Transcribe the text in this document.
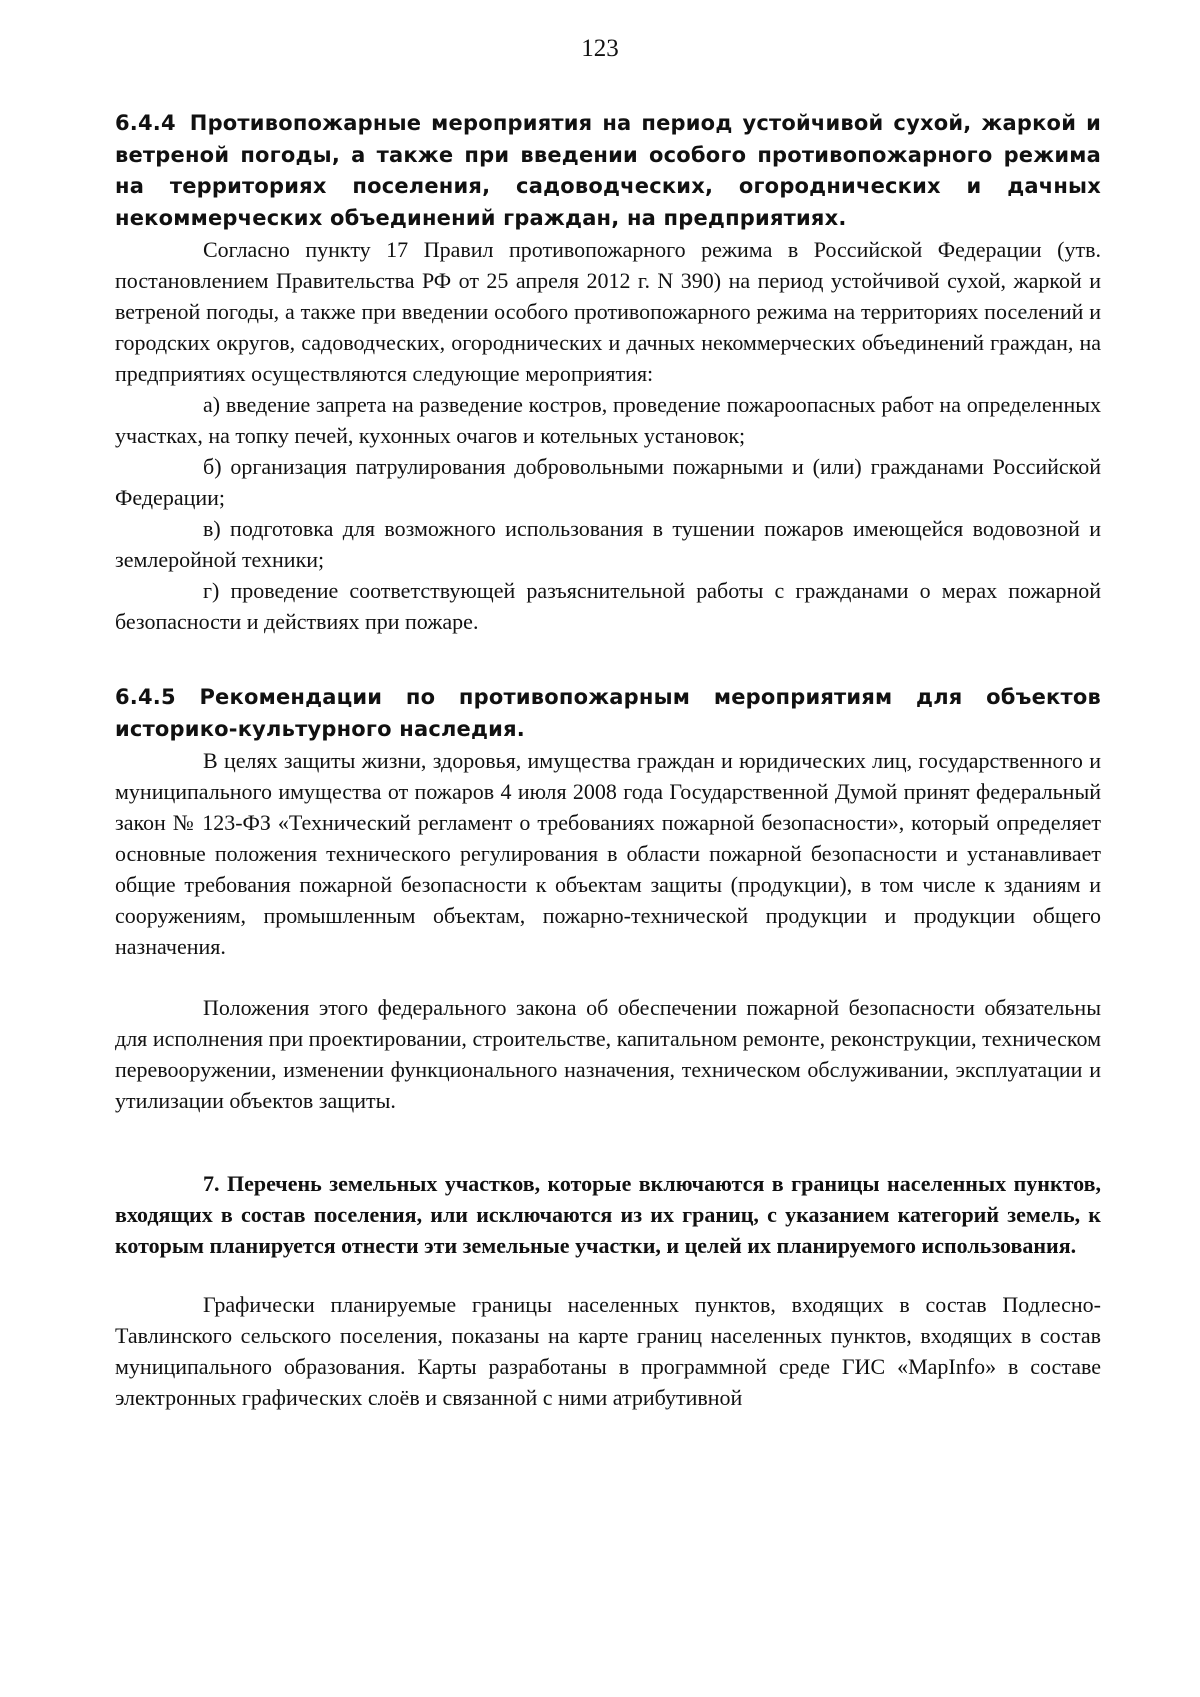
123
6.4.4 Противопожарные мероприятия на период устойчивой сухой, жаркой и ветреной погоды, а также при введении особого противопожарного режима на территориях поселения, садоводческих, огороднических и дачных некоммерческих объединений граждан, на предприятиях.

Согласно пункту 17 Правил противопожарного режима в Российской Федерации (утв. постановлением Правительства РФ от 25 апреля 2012 г. N 390) на период устойчивой сухой, жаркой и ветреной погоды, а также при введении особого противопожарного режима на территориях поселений и городских округов, садоводческих, огороднических и дачных некоммерческих объединений граждан, на предприятиях осуществляются следующие мероприятия:

а) введение запрета на разведение костров, проведение пожароопасных работ на определенных участках, на топку печей, кухонных очагов и котельных установок;

б) организация патрулирования добровольными пожарными и (или) гражданами Российской Федерации;

в) подготовка для возможного использования в тушении пожаров имеющейся водовозной и землеройной техники;

г) проведение соответствующей разъяснительной работы с гражданами о мерах пожарной безопасности и действиях при пожаре.

6.4.5 Рекомендации по противопожарным мероприятиям для объектов историко-культурного наследия.

В целях защиты жизни, здоровья, имущества граждан и юридических лиц, государственного и муниципального имущества от пожаров 4 июля 2008 года Государственной Думой принят федеральный закон № 123-ФЗ «Технический регламент о требованиях пожарной безопасности», который определяет основные положения технического регулирования в области пожарной безопасности и устанавливает общие требования пожарной безопасности к объектам защиты (продукции), в том числе к зданиям и сооружениям, промышленным объектам, пожарно-технической продукции и продукции общего назначения.

Положения этого федерального закона об обеспечении пожарной безопасности обязательны для исполнения при проектировании, строительстве, капитальном ремонте, реконструкции, техническом перевооружении, изменении функционального назначения, техническом обслуживании, эксплуатации и утилизации объектов защиты.

7. Перечень земельных участков, которые включаются в границы населенных пунктов, входящих в состав поселения, или исключаются из их границ, с указанием категорий земель, к которым планируется отнести эти земельные участки, и целей их планируемого использования.

Графически планируемые границы населенных пунктов, входящих в состав Подлесно-Тавлинского сельского поселения, показаны на карте границ населенных пунктов, входящих в состав муниципального образования. Карты разработаны в программной среде ГИС «MapInfo» в составе электронных графических слоёв и связанной с ними атрибутивной
